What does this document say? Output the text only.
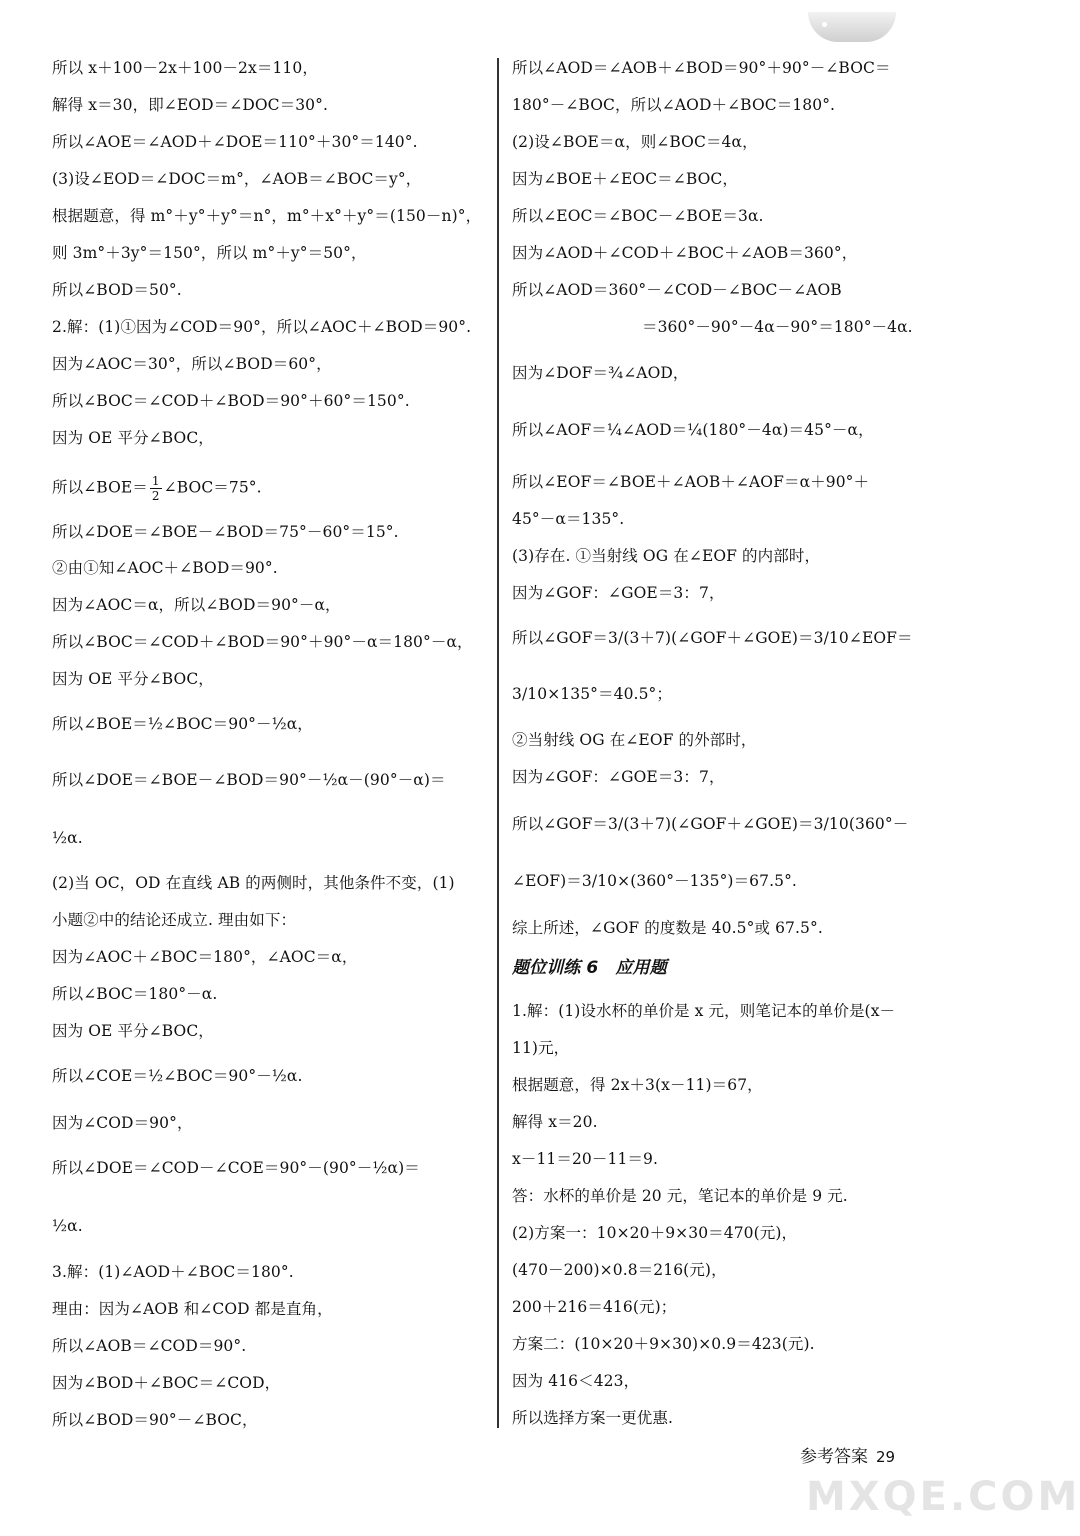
所以 x＋100－2x＋100－2x＝110，
解得 x＝30，即∠EOD＝∠DOC＝30°.
所以∠AOE＝∠AOD＋∠DOE＝110°＋30°＝140°.
(3)设∠EOD＝∠DOC＝m°，∠AOB＝∠BOC＝y°，
根据题意，得 m°＋y°＋y°＝n°，m°＋x°＋y°＝(150－n)°，
则 3m°＋3y°＝150°，所以 m°＋y°＝50°，
所以∠BOD＝50°.
2.解：(1)①因为∠COD＝90°，所以∠AOC＋∠BOD＝90°.
因为∠AOC＝30°，所以∠BOD＝60°，
所以∠BOC＝∠COD＋∠BOD＝90°＋60°＝150°.
因为 OE 平分∠BOC，
所以∠BOE＝ $\frac{1}{2}$ ∠BOC＝75°.
所以∠DOE＝∠BOE－∠BOD＝75°－60°＝15°.
②由①知∠AOC＋∠BOD＝90°.
因为∠AOC＝α，所以∠BOD＝90°－α，
所以∠BOC＝∠COD＋∠BOD＝90°＋90°－α＝180°－α，
因为 OE 平分∠BOC，
所以∠BOE＝½∠BOC＝90°－½α，
所以∠DOE＝∠BOE－∠BOD＝90°－½α－(90°－α)＝
½α.
(2)当 OC，OD 在直线 AB 的两侧时，其他条件不变，(1)
小题②中的结论还成立. 理由如下：
因为∠AOC＋∠BOC＝180°，∠AOC＝α，
所以∠BOC＝180°－α.
因为 OE 平分∠BOC，
所以∠COE＝½∠BOC＝90°－½α.
因为∠COD＝90°，
所以∠DOE＝∠COD－∠COE＝90°－(90°－½α)＝
½α.
3.解：(1)∠AOD＋∠BOC＝180°.
理由：因为∠AOB 和∠COD 都是直角，
所以∠AOB＝∠COD＝90°.
因为∠BOD＋∠BOC＝∠COD，
所以∠BOD＝90°－∠BOC，
题位训练 6　应用题
所以∠AOD＝∠AOB＋∠BOD＝90°＋90°－∠BOC＝
180°－∠BOC，所以∠AOD＋∠BOC＝180°.
(2)设∠BOE＝α，则∠BOC＝4α，
因为∠BOE＋∠EOC＝∠BOC，
所以∠EOC＝∠BOC－∠BOE＝3α.
因为∠AOD＋∠COD＋∠BOC＋∠AOB＝360°，
所以∠AOD＝360°－∠COD－∠BOC－∠AOB
＝360°－90°－4α－90°＝180°－4α.
因为∠DOF＝¾∠AOD，
所以∠AOF＝¼∠AOD＝¼(180°－4α)＝45°－α，
所以∠EOF＝∠BOE＋∠AOB＋∠AOF＝α＋90°＋
45°－α＝135°.
(3)存在. ①当射线 OG 在∠EOF 的内部时，
因为∠GOF：∠GOE＝3：7，
所以∠GOF＝3/(3＋7)(∠GOF＋∠GOE)＝3/10∠EOF＝
3/10×135°＝40.5°；
②当射线 OG 在∠EOF 的外部时，
因为∠GOF：∠GOE＝3：7，
所以∠GOF＝3/(3＋7)(∠GOF＋∠GOE)＝3/10(360°－
∠EOF)＝3/10×(360°－135°)＝67.5°.
综上所述，∠GOF 的度数是 40.5°或 67.5°.
1.解：(1)设水杯的单价是 x 元，则笔记本的单价是(x－
11)元，
根据题意，得 2x＋3(x－11)＝67，
解得 x＝20.
x－11＝20－11＝9.
答：水杯的单价是 20 元，笔记本的单价是 9 元.
(2)方案一：10×20＋9×30＝470(元)，
(470－200)×0.8＝216(元)，
200＋216＝416(元)；
方案二：(10×20＋9×30)×0.9＝423(元).
因为 416＜423，
所以选择方案一更优惠.
参考答案 29
MXQE.COM
